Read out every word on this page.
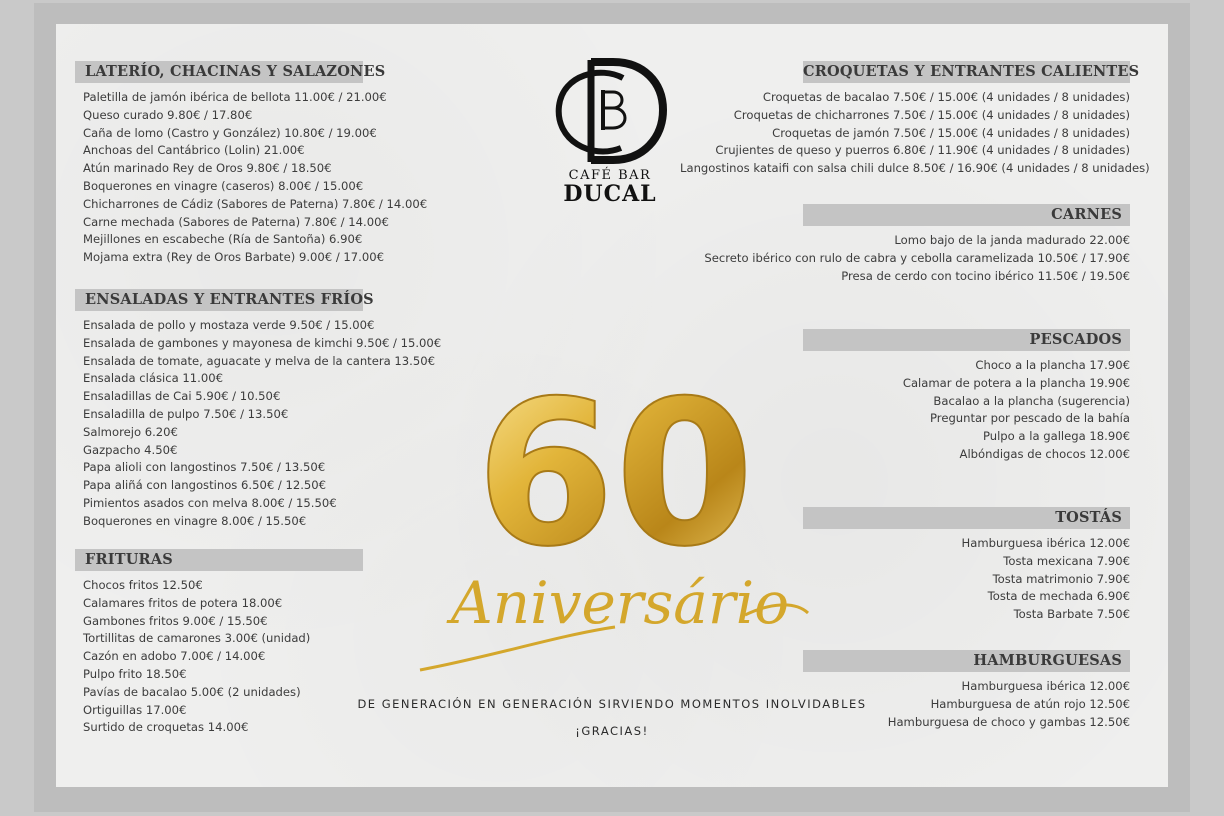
LATERÍO, CHACINAS Y SALAZONES
Paletilla de jamón ibérica de bellota 11.00€ / 21.00€
Queso curado 9.80€ / 17.80€
Caña de lomo (Castro y González) 10.80€ / 19.00€
Anchoas del Cantábrico (Lolin) 21.00€
Atún marinado Rey de Oros 9.80€ / 18.50€
Boquerones en vinagre (caseros) 8.00€ / 15.00€
Chicharrones de Cádiz (Sabores de Paterna) 7.80€ / 14.00€
Carne mechada (Sabores de Paterna) 7.80€ / 14.00€
Mejillones en escabeche (Ría de Santoña) 6.90€
Mojama extra (Rey de Oros Barbate) 9.00€ / 17.00€
ENSALADAS Y ENTRANTES FRÍOS
Ensalada de pollo y mostaza verde 9.50€ / 15.00€
Ensalada de gambones y mayonesa de kimchi 9.50€ / 15.00€
Ensalada de tomate, aguacate y melva de la cantera 13.50€
Ensalada clásica 11.00€
Ensaladillas de Cai 5.90€ / 10.50€
Ensaladilla de pulpo 7.50€ / 13.50€
Salmorejo 6.20€
Gazpacho 4.50€
Papa alioli con langostinos 7.50€ / 13.50€
Papa aliñá con langostinos 6.50€ / 12.50€
Pimientos asados con melva 8.00€ / 15.50€
Boquerones en vinagre 8.00€ / 15.50€
FRITURAS
Chocos fritos 12.50€
Calamares fritos de potera 18.00€
Gambones fritos 9.00€ / 15.50€
Tortillitas de camarones 3.00€ (unidad)
Cazón en adobo 7.00€ / 14.00€
Pulpo frito 18.50€
Pavías de bacalao 5.00€ (2 unidades)
Ortiguillas 17.00€
Surtido de croquetas 14.00€
CAFÉ BAR
DUCAL
60
Aniversário
DE GENERACIÓN EN GENERACIÓN SIRVIENDO MOMENTOS INOLVIDABLES
¡GRACIAS!
CROQUETAS Y ENTRANTES CALIENTES
Croquetas de bacalao 7.50€ / 15.00€ (4 unidades / 8 unidades)
Croquetas de chicharrones 7.50€ / 15.00€ (4 unidades / 8 unidades)
Croquetas de jamón 7.50€ / 15.00€ (4 unidades / 8 unidades)
Crujientes de queso y puerros 6.80€ / 11.90€ (4 unidades / 8 unidades)
Langostinos kataifi con salsa chili dulce 8.50€ / 16.90€ (4 unidades / 8 unidades)
CARNES
Lomo bajo de la janda madurado 22.00€
Secreto ibérico con rulo de cabra y cebolla caramelizada 10.50€ / 17.90€
Presa de cerdo con tocino ibérico 11.50€ / 19.50€
PESCADOS
Choco a la plancha 17.90€
Calamar de potera a la plancha 19.90€
Bacalao a la plancha (sugerencia)
Preguntar por pescado de la bahía
Pulpo a la gallega 18.90€
Albóndigas de chocos 12.00€
TOSTÁS
Hamburguesa ibérica 12.00€
Tosta mexicana 7.90€
Tosta matrimonio 7.90€
Tosta de mechada 6.90€
Tosta Barbate 7.50€
HAMBURGUESAS
Hamburguesa ibérica 12.00€
Hamburguesa de atún rojo 12.50€
Hamburguesa de choco y gambas 12.50€
